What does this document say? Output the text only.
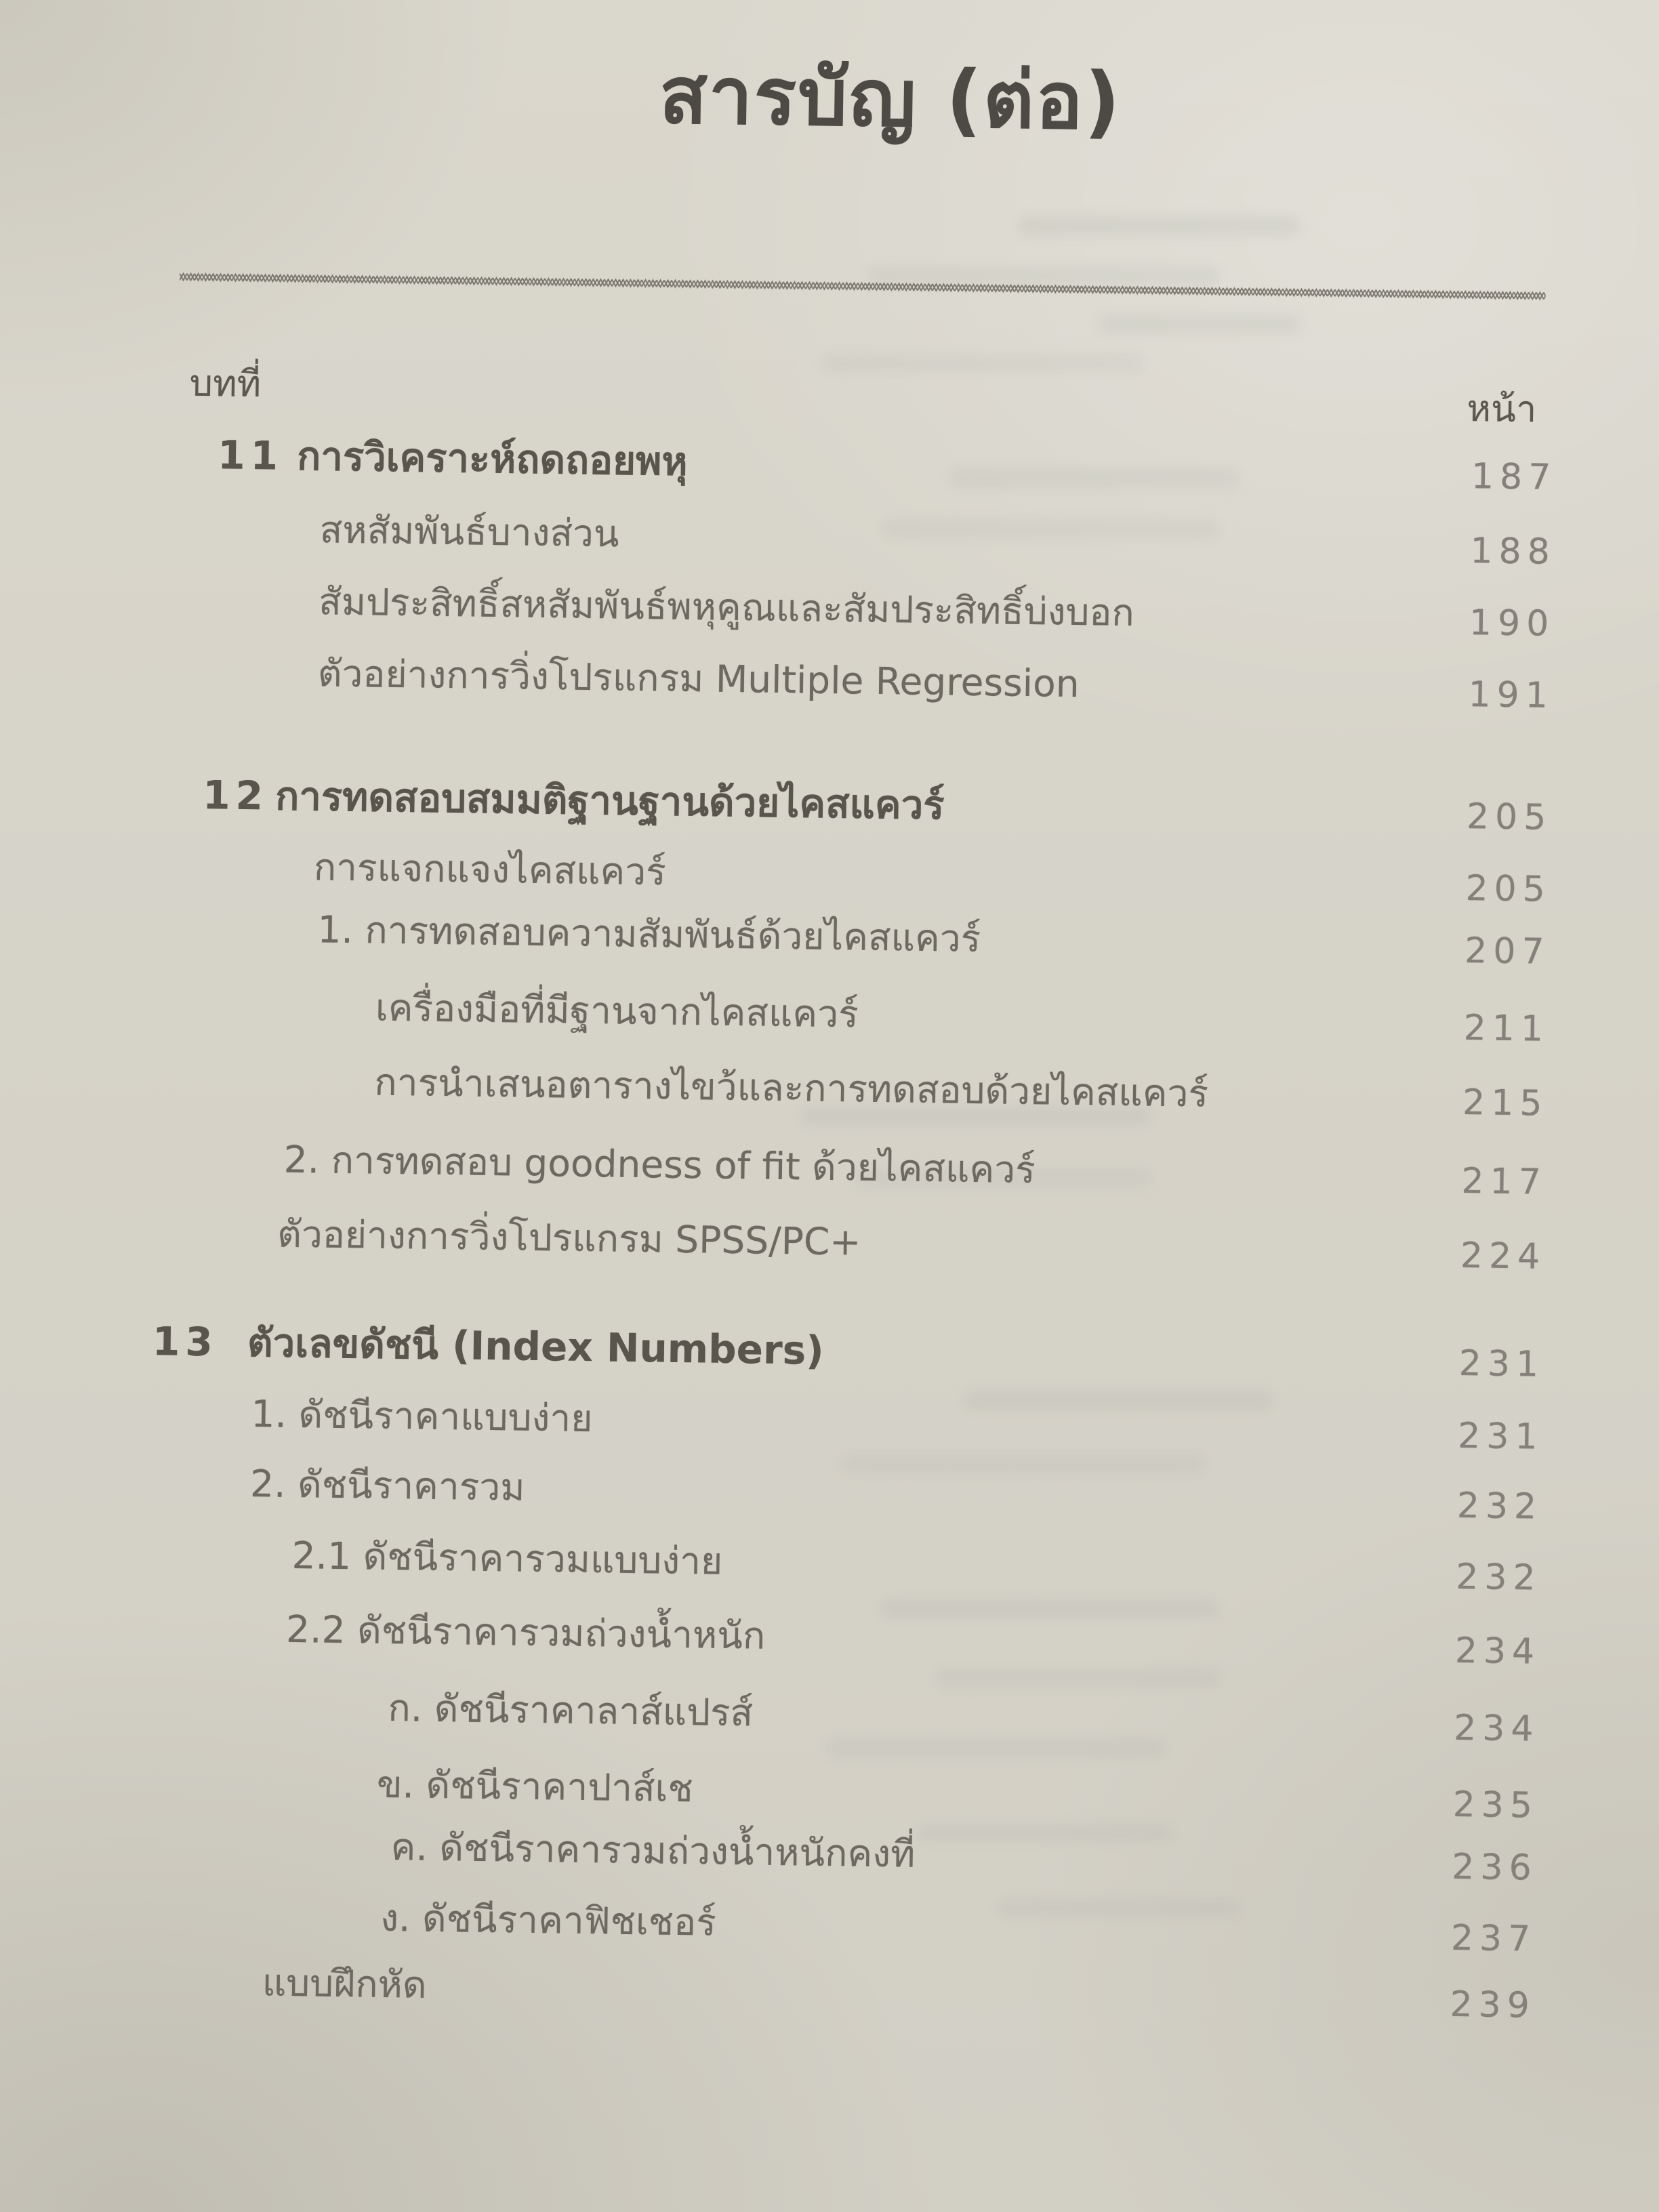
สารบัญ (ต่อ)
บทที่
หน้า
11 การวิเคราะห์ถดถอยพหุ	187
สหสัมพันธ์บางส่วน	188
สัมประสิทธิ์สหสัมพันธ์พหุคูณและสัมประสิทธิ์บ่งบอก	190
ตัวอย่างการวิ่งโปรแกรม Multiple Regression	191
12 การทดสอบสมมติฐานฐานด้วยไคสแควร์	205
การแจกแจงไคสแควร์	205
1. การทดสอบความสัมพันธ์ด้วยไคสแควร์	207
เครื่องมือที่มีฐานจากไคสแควร์	211
การนำเสนอตารางไขว้และการทดสอบด้วยไคสแควร์	215
2. การทดสอบ goodness of fit ด้วยไคสแควร์	217
ตัวอย่างการวิ่งโปรแกรม SPSS/PC+	224
13 ตัวเลขดัชนี (Index Numbers)	231
1. ดัชนีราคาแบบง่าย	231
2. ดัชนีราคารวม	232
2.1 ดัชนีราคารวมแบบง่าย	232
2.2 ดัชนีราคารวมถ่วงน้ำหนัก	234
ก. ดัชนีราคาลาส์แปรส์	234
ข. ดัชนีราคาปาส์เช	235
ค. ดัชนีราคารวมถ่วงน้ำหนักคงที่	236
ง. ดัชนีราคาฟิชเชอร์	237
แบบฝึกหัด	239
